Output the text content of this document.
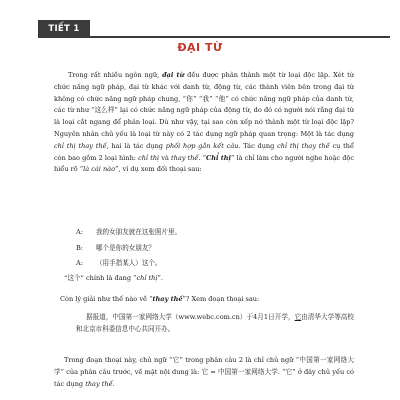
TIẾT 1
ĐẠI TỪ

Trong rất nhiều ngôn ngữ, đại từ đều được phân thành một từ loại độc lập. Xét từ chức năng ngữ pháp, đại từ khác với danh từ, động từ, các thành viên bên trong đại từ không có chức năng ngữ pháp chung, “你” “我” “他” có chức năng ngữ pháp của danh từ, các từ như “这么样” lại có chức năng ngữ pháp của động từ, do đó có người nói rằng đại từ là loại cắt ngang để phân loại. Dù như vậy, tại sao còn xếp nó thành một từ loại độc lập? Nguyên nhân chủ yếu là loại từ này có 2 tác dụng ngữ pháp quan trọng: Một là tác dụng chỉ thị thay thế, hai là tác dụng phối hợp gắn kết câu. Tác dụng chỉ thị thay thế cụ thể còn bao gồm 2 loại hình: chỉ thị và thay thế. “Chỉ thị” là chỉ làm cho người nghe hoặc độc hiểu rõ “là cái nào”, ví dụ xem đối thoại sau:

A: 我的女朋友就在这张照片里。
B: 哪个是你的女朋友？
A: （用手指某人）这个。
“这个” chính là đang “chỉ thị”.

Còn lý giải như thế nào về “thay thế”? Xem đoạn thoại sau:

据报道，中国第一家网络大学（www.webc.com.cn）于4月1日开学，它由清华大学等高校和北京市科委信息中心共同开办。

Trong đoạn thoại này, chủ ngữ “它” trong phân câu 2 là chỉ chủ ngữ “中国第一家网络大学” của phân câu trước, về mặt nội dung là: 它 = 中国第一家网络大学. “它” ở đây chủ yếu có tác dụng thay thế.
